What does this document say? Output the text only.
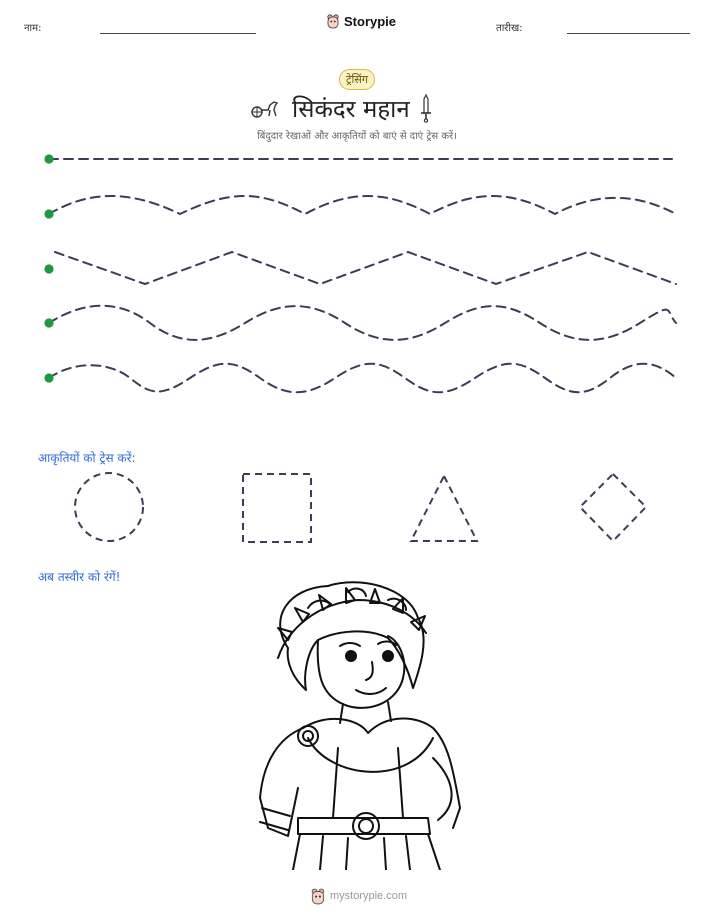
नाम:	Storypie	तारीख:
ट्रेसिंग
सिकंदर महान
बिंदुदार रेखाओं और आकृतियों को बाएं से दाएं ट्रेस करें।
आकृतियों को ट्रेस करें:
अब तस्वीर को रंगें!
mystorypie.com
